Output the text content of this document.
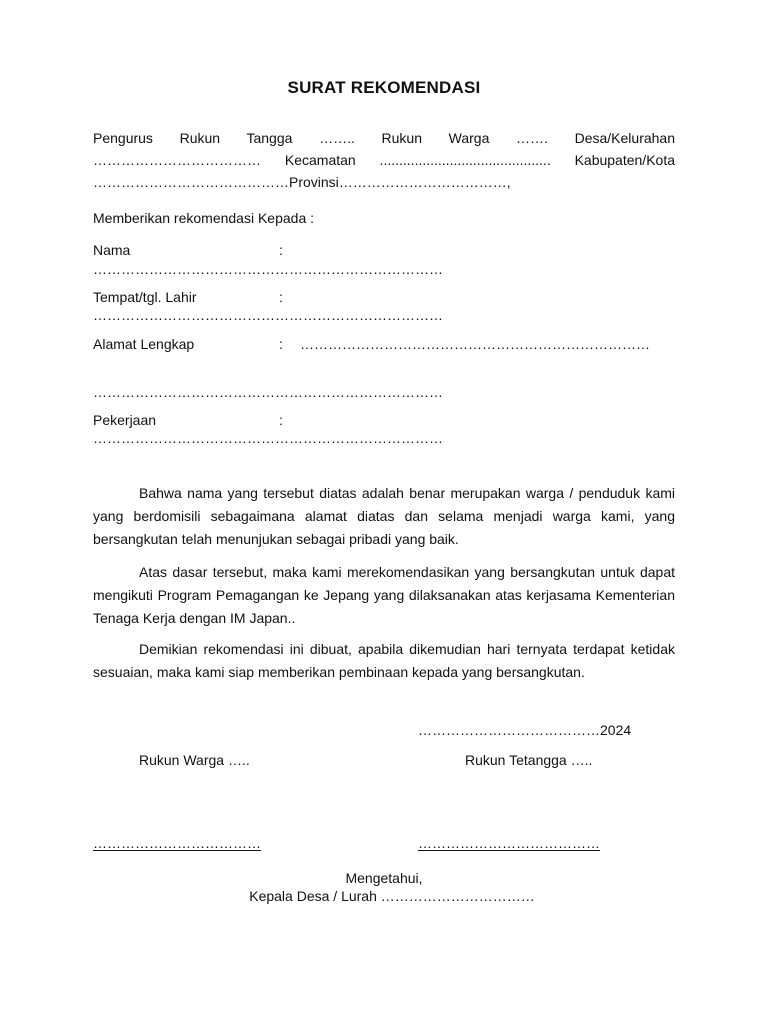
SURAT REKOMENDASI
Pengurus Rukun Tangga …….. Rukun Warga ……. Desa/Kelurahan
……………………………… Kecamatan ............................................ Kabupaten/Kota
……………………………………Provinsi………………………………,
Memberikan rekomendasi Kepada :
Nama	:
…………………………………………………………………
Tempat/tgl. Lahir	:
…………………………………………………………………
Alamat Lengkap	: …………………………………………………………………
…………………………………………………………………
Pekerjaan	:
…………………………………………………………………
Bahwa nama yang tersebut diatas adalah benar merupakan warga / penduduk kami yang berdomisili sebagaimana alamat diatas dan selama menjadi warga kami, yang bersangkutan telah menunjukan sebagai pribadi yang baik.
Atas dasar tersebut, maka kami merekomendasikan yang bersangkutan untuk dapat mengikuti Program Pemagangan ke Jepang yang dilaksanakan atas kerjasama Kementerian Tenaga Kerja dengan IM Japan..
Demikian rekomendasi ini dibuat, apabila dikemudian hari ternyata terdapat ketidak sesuaian, maka kami siap memberikan pembinaan kepada yang bersangkutan.
…………………………………2024
Rukun Warga …..	Rukun Tetangga …..
………………………………	…………………………………
Mengetahui,
Kepala Desa / Lurah ……………………………
